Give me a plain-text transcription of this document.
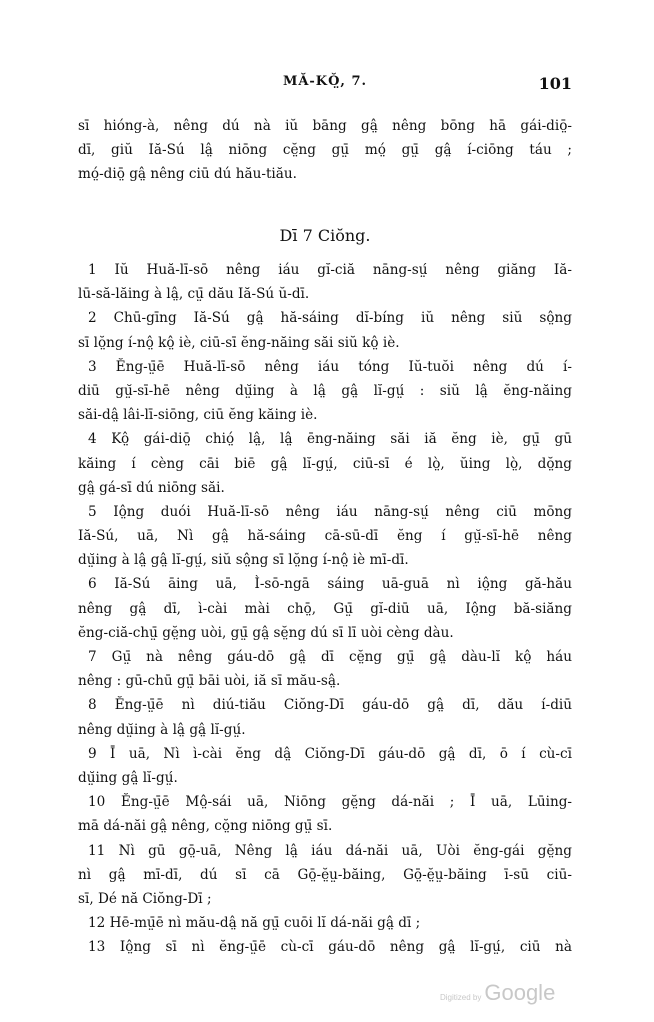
MĂ-KŎ̤, 7.	101
sī hióng-à, nêng dú nà iŭ bāng gâ̤ nêng bōng hā gái-diō̤-
dī, giŭ Iă-Sú lâ̤ niōng cĕ̤ng gṳ̄ mó̤ gṳ̄ gâ̤ í-ciōng táu ;
mó̤-diō̤ gâ̤ nêng ciū dú hău-tiău.
Dī 7 Ciŏng.
1 Iŭ Huă-lī-sō nêng iáu gĭ-ciă nāng-sṳ́ nêng giăng Iă-
lū-să-lăing à lâ̤, cṳ̄ dău Iă-Sú ŭ-dī.
2 Chū-gīng Iă-Sú gâ̤ hă-sáing dĭ-bíng iŭ nêng siŭ sô̤ng
sī lŏ̤ng í-nô̤ kô̤ iè, ciū-sī ĕng-năing săi siŭ kô̤ iè.
3 Ĕng-ṳ̄ē Huă-lī-sō nêng iáu tóng Iŭ-tuŏi nêng dú í-
diū gṳ̆-sī-hē nêng dṳ̆ing à lâ̤ gâ̤ lĭ-gṳ́ : siŭ lâ̤ ĕng-năing
săi-dâ̤ lâi-lī-siōng, ciū ĕng kăing iè.
4 Kô̤ gái-diō̤ chió̤ lâ̤, lâ̤ ēng-năing săi iă ĕng iè, gṳ̄ gū
kăing í cèng cāi biē gâ̤ lĭ-gṳ́, ciū-sī é lò̤, ŭing lò̤, dŏ̤ng
gâ̤ gá-sī dú niōng săi.
5 Iô̤ng duói Huă-lī-sō nêng iáu nāng-sṳ́ nêng ciū mōng
Iă-Sú, uā, Nì gâ̤ hă-sáing cā-sū-dī ĕng í gṳ̆-sī-hē nêng
dṳ̆ing à lâ̤ gâ̤ lĭ-gṳ́, siŭ sô̤ng sī lŏ̤ng í-nô̤ iè mī-dī.
6 Iă-Sú āing uā, Ì-sō-ngā sáing uā-guā nì iô̤ng gă-hău
nêng gâ̤ dī, ì-cài mài chō̤, Gṳ̄ gĭ-diū uā, Iô̤ng bă-siăng
ĕng-ciă-chṳ̄ gĕ̤ng uòi, gṳ̄ gâ̤ sĕ̤ng dú sī lī uòi cèng dàu.
7 Gṳ̄ nà nêng gáu-dō gâ̤ dī cĕ̤ng gṳ̄ gâ̤ dàu-lĭ kô̤ háu
nêng : gū-chū gṳ̄ bāi uòi, iă sī mău-sâ̤.
8 Ĕng-ṳ̄ē nì diú-tiău Ciŏng-Dī gáu-dō gâ̤ dī, dău í-diū
nêng dṳ̆ing à lâ̤ gâ̤ lĭ-gṳ́.
9 Ī uā, Nì ì-cài ĕng dâ̤ Ciŏng-Dī gáu-dō gâ̤ dī, ō í cù-cī
dṳ̆ing gâ̤ lĭ-gṳ́.
10 Ĕng-ṳ̄ē Mô̤-sái uā, Niōng gĕ̤ng dá-năi ; Ī uā, Lūing-
mā dá-năi gâ̤ nêng, cŏ̤ng niōng gṳ̄ sī.
11 Nì gū gō̤-uā, Nêng lâ̤ iáu dá-năi uā, Uòi ĕng-gái gĕ̤ng
nì gâ̤ mī-dī, dú sī cā Gō̤-ĕ̤ṳ-băing, Gō̤-ĕ̤ṳ-băing ī-sū ciū-
sī, Dé nă Ciŏng-Dī ;
12 Hē-mṳ̄ē nì mău-dâ̤ nă gṳ̄ cuōi lĭ dá-năi gâ̤ dī ;
13 Iô̤ng sī nì ĕng-ṳ̄ē cù-cī gáu-dō nêng gâ̤ lĭ-gṳ́, ciū nà
Digitized by Google
